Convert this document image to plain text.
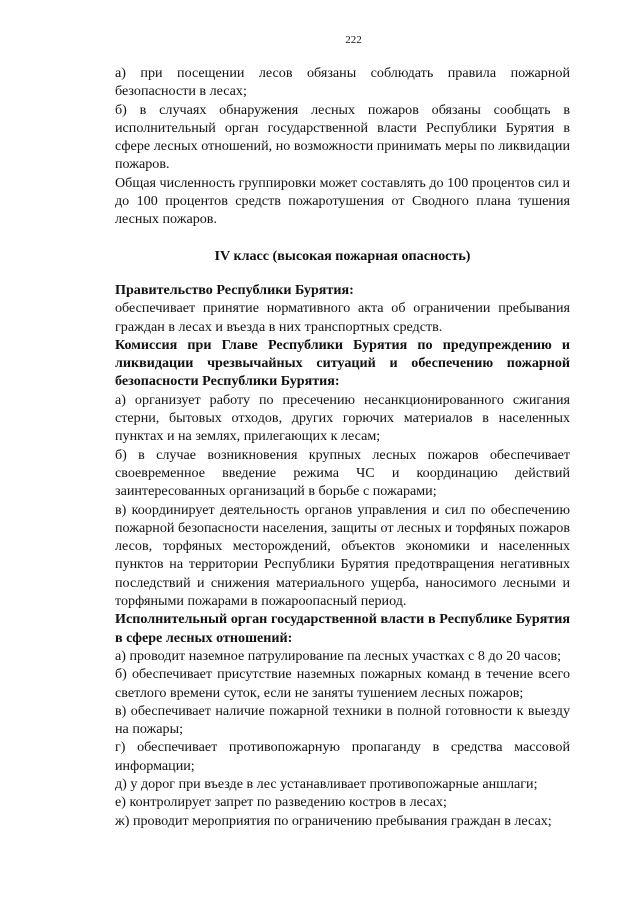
222

а) при посещении лесов обязаны соблюдать правила пожарной безопасности в лесах;

б) в случаях обнаружения лесных пожаров обязаны сообщать в исполнительный орган государственной власти Республики Бурятия в сфере лесных отношений, но возможности принимать меры по ликвидации пожаров.

Общая численность группировки может составлять до 100 процентов сил и до 100 процентов средств пожаротушения от Сводного плана тушения лесных пожаров.

IV класс (высокая пожарная опасность)

Правительство Республики Бурятия:

обеспечивает принятие нормативного акта об ограничении пребывания граждан в лесах и въезда в них транспортных средств.

Комиссия при Главе Республики Бурятия по предупреждению и ликвидации чрезвычайных ситуаций и обеспечению пожарной безопасности Республики Бурятия:

а) организует работу по пресечению несанкционированного сжигания стерни, бытовых отходов, других горючих материалов в населенных пунктах и на землях, прилегающих к лесам;

б) в случае возникновения крупных лесных пожаров обеспечивает своевременное введение режима ЧС и координацию действий заинтересованных организаций в борьбе с пожарами;

в) координирует деятельность органов управления и сил по обеспечению пожарной безопасности населения, защиты от лесных и торфяных пожаров лесов, торфяных месторождений, объектов экономики и населенных пунктов на территории Республики Бурятия предотвращения негативных последствий и снижения материального ущерба, наносимого лесными и торфяными пожарами в пожароопасный период.

Исполнительный орган государственной власти в Республике Бурятия в сфере лесных отношений:

а) проводит наземное патрулирование па лесных участках с 8 до 20 часов;

б) обеспечивает присутствие наземных пожарных команд в течение всего светлого времени суток, если не заняты тушением лесных пожаров;

в) обеспечивает наличие пожарной техники в полной готовности к выезду на пожары;

г) обеспечивает противопожарную пропаганду в средства массовой информации;

д) у дорог при въезде в лес устанавливает противопожарные аншлаги;

е) контролирует запрет по разведению костров в лесах;

ж) проводит мероприятия по ограничению пребывания граждан в лесах;
